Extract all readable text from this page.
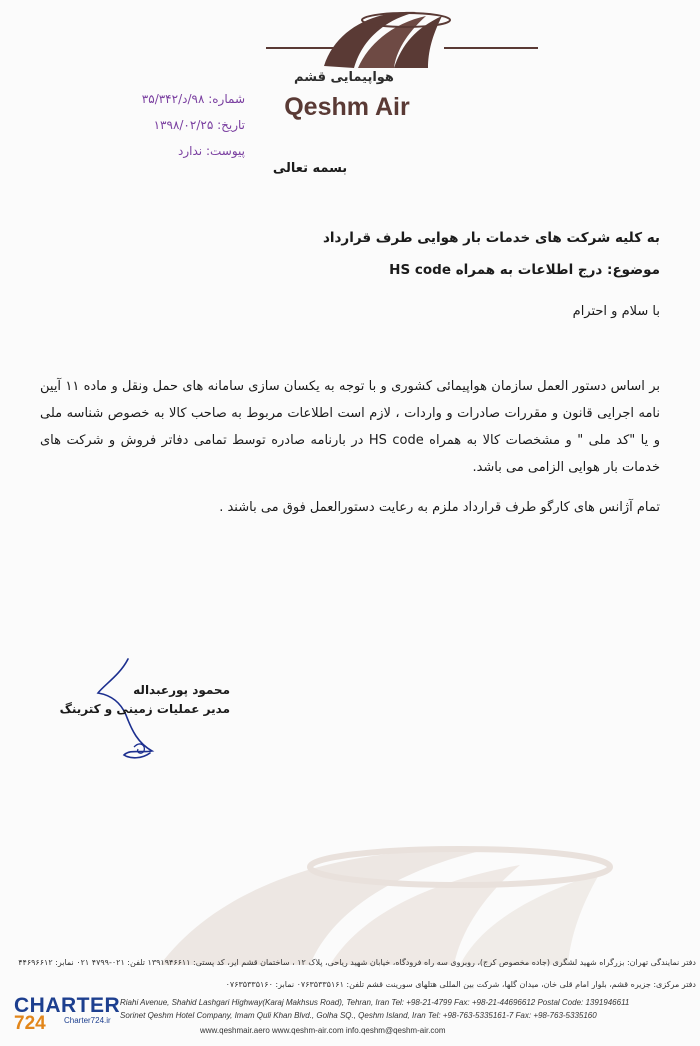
هواپیمایی قشم
Qeshm Air
شماره: ۹۸/د/۳۵/۳۴۲
تاریخ: ۱۳۹۸/۰۲/۲۵
پیوست: ندارد
بسمه تعالی
به کلیه شرکت های خدمات بار هوایی طرف قرارداد
موضوع: درج اطلاعات به همراه HS code
با سلام و احترام
بر اساس دستور العمل سازمان هواپیمائی کشوری و با توجه به یکسان سازی سامانه های حمل ونقل و ماده ۱۱ آیین نامه اجرایی قانون و مقررات صادرات و واردات ، لازم است اطلاعات مربوط به صاحب کالا به خصوص شناسه ملی و یا "کد ملی " و مشخصات کالا به همراه HS code در بارنامه صادره توسط تمامی دفاتر فروش و شرکت های خدمات بار هوایی الزامی می باشد.
تمام آژانس های کارگو طرف قرارداد ملزم به رعایت دستورالعمل فوق می باشند .
محمود پورعبداله
مدیر عملیات زمینی و کترینگ
دفتر نمایندگی تهران: بزرگراه شهید لشگری (جاده مخصوص کرج)، روبروی سه راه فرودگاه، خیابان شهید ریاحی، پلاک ۱۲ ، ساختمان قشم ایر، کد پستی: ۱۳۹۱۹۴۶۶۱۱ تلفن: ۰۲۱-۴۷۹۹ ۰۲۱ نمابر: ۴۴۶۹۶۶۱۲
دفتر مرکزی: جزیره قشم، بلوار امام قلی خان، میدان گلها، شرکت بین المللی هتلهای سورینت قشم تلفن: ۰۷۶۳۵۳۳۵۱۶۱ نمابر: ۰۷۶۳۵۳۳۵۱۶۰
Riahi Avenue, Shahid Lashgari Highway(Karaj Makhsus Road), Tehran, Iran Tel: +98-21-4799 Fax: +98-21-44696612 Postal Code: 1391946611
Sorinet Qeshm Hotel Company, Imam Quli Khan Blvd., Golha SQ., Qeshm Island, Iran Tel: +98-763-5335161-7 Fax: +98-763-5335160
www.qeshmair.aero www.qeshm-air.com info.qeshm@qeshm-air.com
CHARTER
724 Charter724.ir
